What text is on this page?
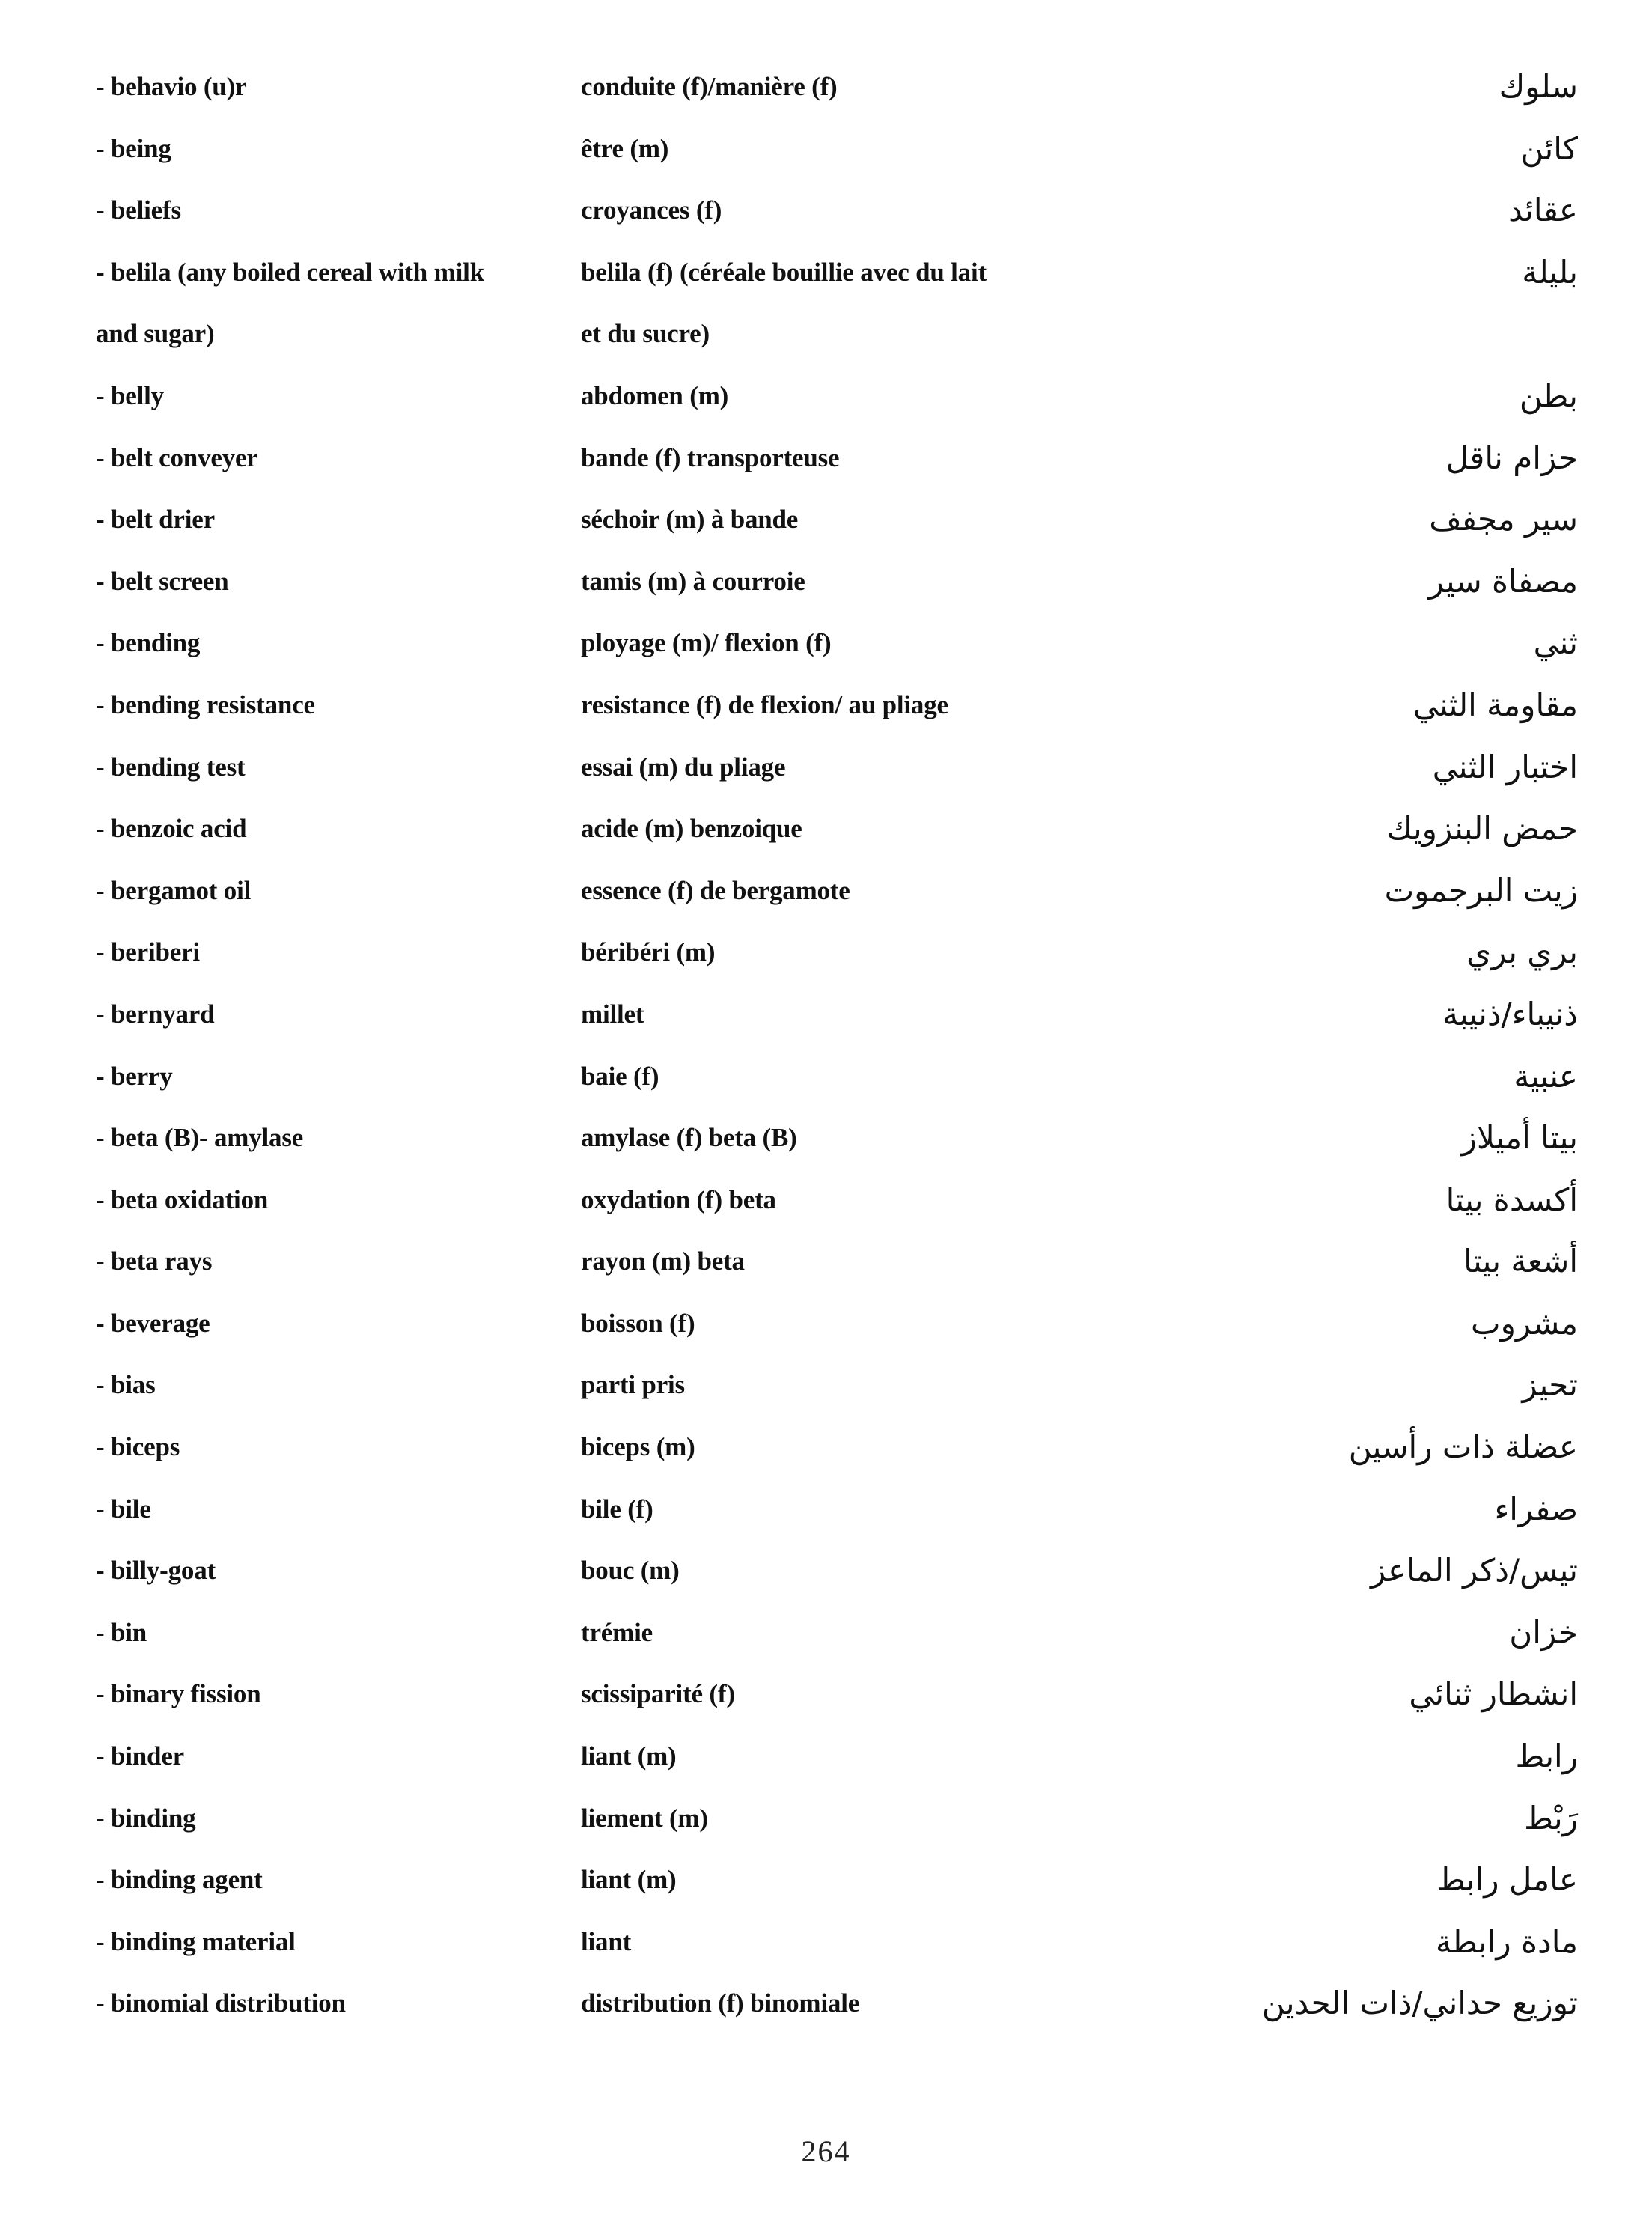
- behavio (u)r	conduite (f)/manière (f)	سلوك
- being	être (m)	كائن
- beliefs	croyances (f)	عقائد
- belila (any boiled cereal with milk	belila (f) (céréale bouillie avec du lait	بليلة
and sugar)	et du sucre)
- belly	abdomen (m)	بطن
- belt conveyer	bande (f) transporteuse	حزام ناقل
- belt drier	séchoir (m) à bande	سير مجفف
- belt screen	tamis (m) à courroie	مصفاة سير
- bending	ployage (m)/ flexion (f)	ثني
- bending resistance	resistance (f) de flexion/ au pliage	مقاومة الثني
- bending test	essai (m) du pliage	اختبار الثني
- benzoic acid	acide (m) benzoique	حمض البنزويك
- bergamot oil	essence (f) de bergamote	زيت البرجموت
- beriberi	béribéri (m)	بري بري
- bernyard	millet	ذنيباء/ذنيبة
- berry	baie (f)	عنبية
- beta (B)- amylase	amylase (f) beta (B)	بيتا أميلاز
- beta oxidation	oxydation (f) beta	أكسدة بيتا
- beta rays	rayon (m) beta	أشعة بيتا
- beverage	boisson (f)	مشروب
- bias	parti pris	تحيز
- biceps	biceps (m)	عضلة ذات رأسين
- bile	bile (f)	صفراء
- billy-goat	bouc (m)	تيس/ذكر الماعز
- bin	trémie	خزان
- binary fission	scissiparité (f)	انشطار ثنائي
- binder	liant (m)	رابط
- binding	liement (m)	رَبْط
- binding agent	liant (m)	عامل رابط
- binding material	liant	مادة رابطة
- binomial distribution	distribution (f) binomiale	توزيع حداني/ذات الحدين
264
